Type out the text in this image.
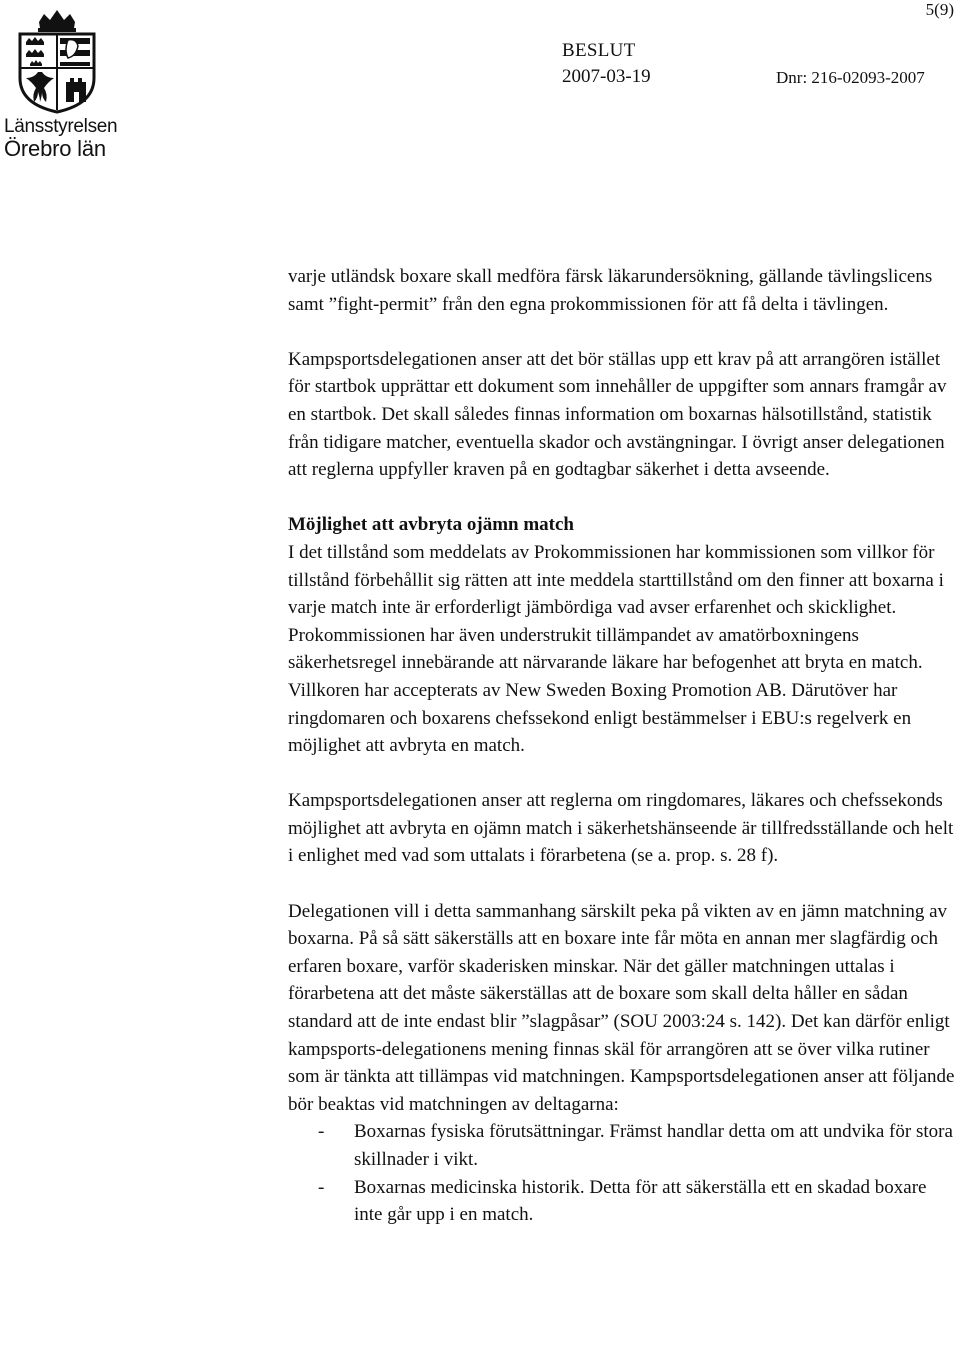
Länsstyrelsen
Örebro län
5(9)
BESLUT
2007-03-19	Dnr: 216-02093-2007

varje utländsk boxare skall medföra färsk läkarundersökning, gällande tävlingslicens samt ”fight-permit” från den egna prokommissionen för att få delta i tävlingen.

Kampsportsdelegationen anser att det bör ställas upp ett krav på att arrangören istället för startbok upprättar ett dokument som innehåller de uppgifter som annars framgår av en startbok. Det skall således finnas information om boxarnas hälsotillstånd, statistik från tidigare matcher, eventuella skador och avstängningar. I övrigt anser delegationen att reglerna uppfyller kraven på en godtagbar säkerhet i detta avseende.

Möjlighet att avbryta ojämn match
I det tillstånd som meddelats av Prokommissionen har kommissionen som villkor för tillstånd förbehållit sig rätten att inte meddela starttillstånd om den finner att boxarna i varje match inte är erforderligt jämbördiga vad avser erfarenhet och skicklighet. Prokommissionen har även understrukit tillämpandet av amatörboxningens säkerhetsregel innebärande att närvarande läkare har befogenhet att bryta en match. Villkoren har accepterats av New Sweden Boxing Promotion AB. Därutöver har ringdomaren och boxarens chefssekond enligt bestämmelser i EBU:s regelverk en möjlighet att avbryta en match.

Kampsportsdelegationen anser att reglerna om ringdomares, läkares och chefssekonds möjlighet att avbryta en ojämn match i säkerhetshänseende är tillfredsställande och helt i enlighet med vad som uttalats i förarbetena (se a. prop. s. 28 f).

Delegationen vill i detta sammanhang särskilt peka på vikten av en jämn matchning av boxarna. På så sätt säkerställs att en boxare inte får möta en annan mer slagfärdig och erfaren boxare, varför skaderisken minskar. När det gäller matchningen uttalas i förarbetena att det måste säkerställas att de boxare som skall delta håller en sådan standard att de inte endast blir ”slagpåsar” (SOU 2003:24 s. 142). Det kan därför enligt kampsports-delegationens mening finnas skäl för arrangören att se över vilka rutiner som är tänkta att tillämpas vid matchningen. Kampsportsdelegationen anser att följande bör beaktas vid matchningen av deltagarna:

- Boxarnas fysiska förutsättningar. Främst handlar detta om att undvika för stora skillnader i vikt.
- Boxarnas medicinska historik. Detta för att säkerställa ett en skadad boxare inte går upp i en match.
